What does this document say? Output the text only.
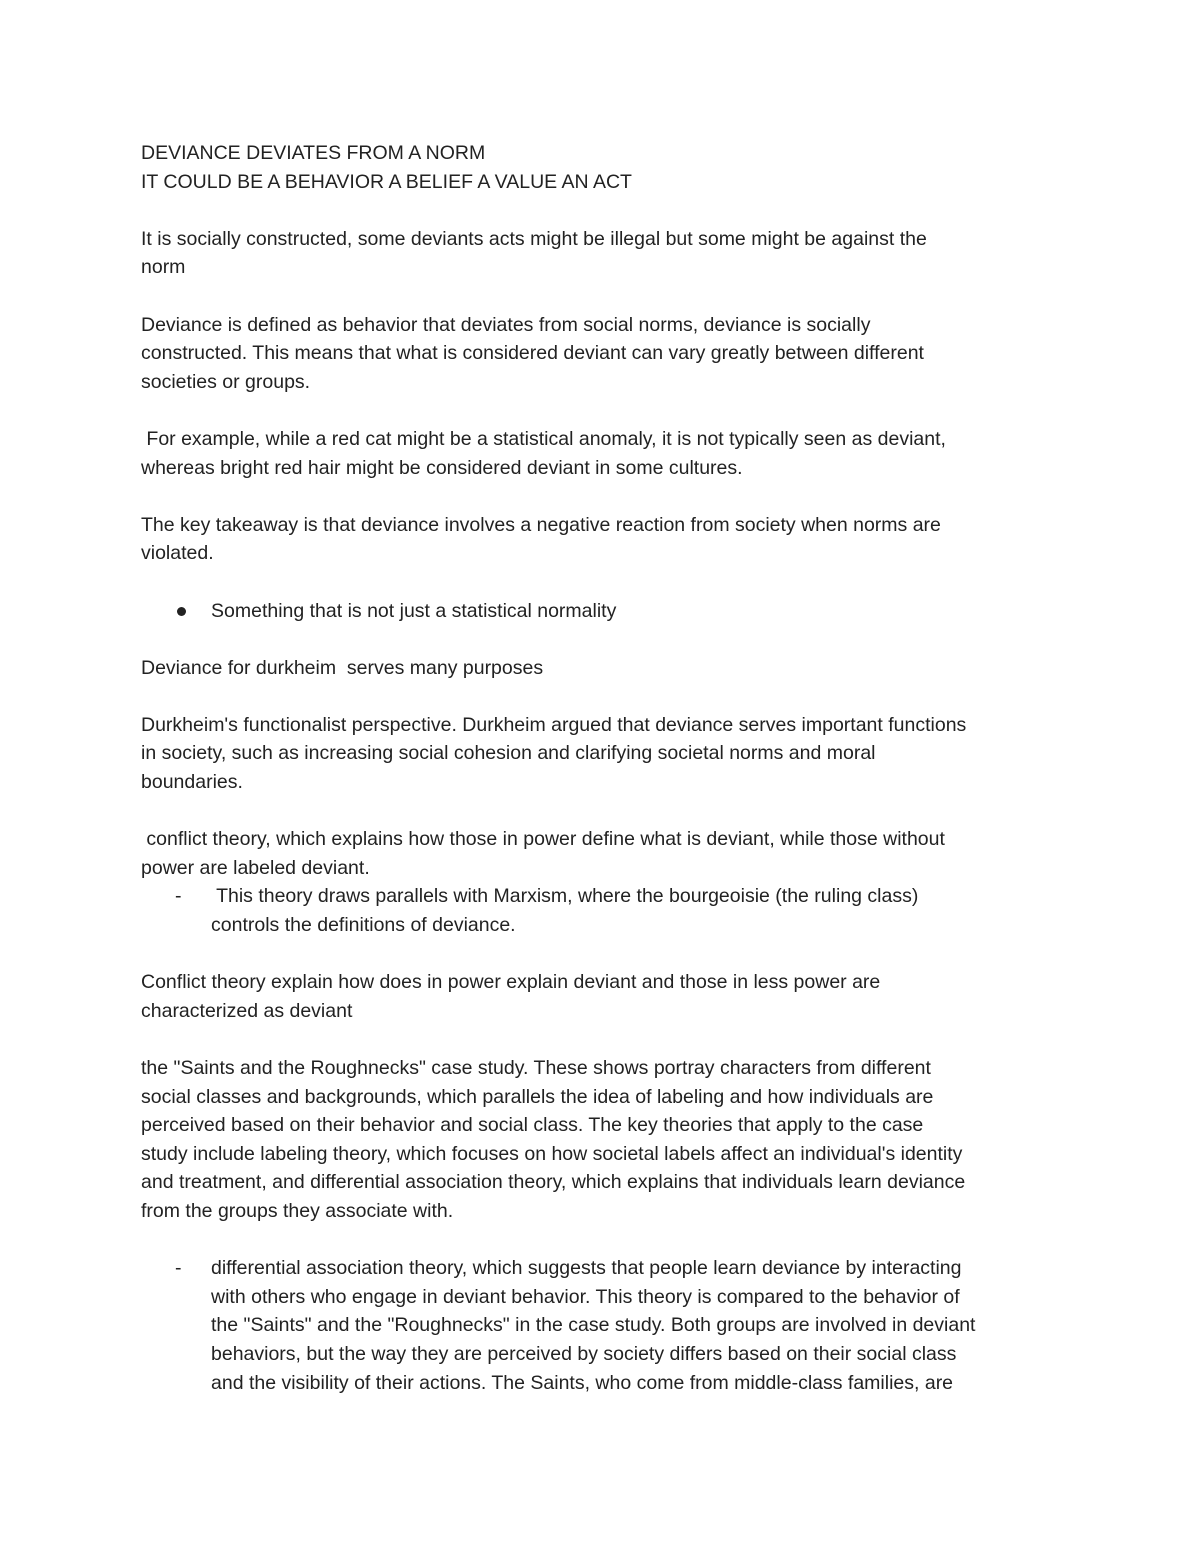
DEVIANCE DEVIATES FROM A NORM
IT COULD BE A BEHAVIOR A BELIEF A VALUE AN ACT
It is socially constructed, some deviants acts might be illegal but some might be against the
norm
Deviance is defined as behavior that deviates from social norms, deviance is socially
constructed. This means that what is considered deviant can vary greatly between different
societies or groups.
For example, while a red cat might be a statistical anomaly, it is not typically seen as deviant,
whereas bright red hair might be considered deviant in some cultures.
The key takeaway is that deviance involves a negative reaction from society when norms are
violated.
Something that is not just a statistical normality
Deviance for durkheim  serves many purposes
Durkheim's functionalist perspective. Durkheim argued that deviance serves important functions
in society, such as increasing social cohesion and clarifying societal norms and moral
boundaries.
conflict theory, which explains how those in power define what is deviant, while those without
power are labeled deviant.
- This theory draws parallels with Marxism, where the bourgeoisie (the ruling class)
controls the definitions of deviance.
Conflict theory explain how does in power explain deviant and those in less power are
characterized as deviant
the "Saints and the Roughnecks" case study. These shows portray characters from different
social classes and backgrounds, which parallels the idea of labeling and how individuals are
perceived based on their behavior and social class. The key theories that apply to the case
study include labeling theory, which focuses on how societal labels affect an individual's identity
and treatment, and differential association theory, which explains that individuals learn deviance
from the groups they associate with.
- differential association theory, which suggests that people learn deviance by interacting
with others who engage in deviant behavior. This theory is compared to the behavior of
the "Saints" and the "Roughnecks" in the case study. Both groups are involved in deviant
behaviors, but the way they are perceived by society differs based on their social class
and the visibility of their actions. The Saints, who come from middle-class families, are
